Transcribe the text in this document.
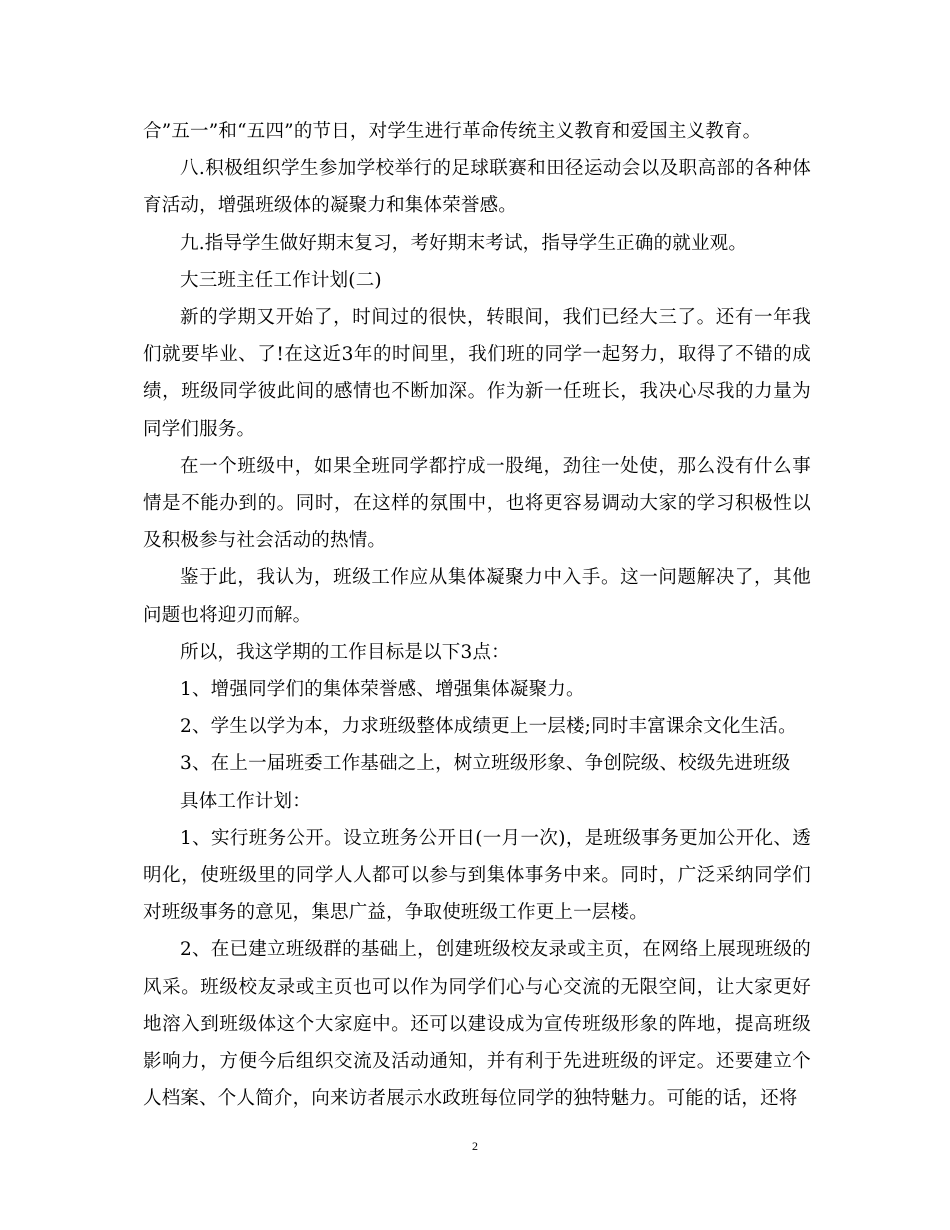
合”五一”和“五四”的节日，对学生进行革命传统主义教育和爱国主义教育。

八.积极组织学生参加学校举行的足球联赛和田径运动会以及职高部的各种体育活动，增强班级体的凝聚力和集体荣誉感。

九.指导学生做好期末复习，考好期末考试，指导学生正确的就业观。

大三班主任工作计划(二)

新的学期又开始了，时间过的很快，转眼间，我们已经大三了。还有一年我们就要毕业、了!在这近3年的时间里，我们班的同学一起努力，取得了不错的成绩，班级同学彼此间的感情也不断加深。作为新一任班长，我决心尽我的力量为同学们服务。

在一个班级中，如果全班同学都拧成一股绳，劲往一处使，那么没有什么事情是不能办到的。同时，在这样的氛围中，也将更容易调动大家的学习积极性以及积极参与社会活动的热情。

鉴于此，我认为，班级工作应从集体凝聚力中入手。这一问题解决了，其他问题也将迎刃而解。

所以，我这学期的工作目标是以下3点：

1、增强同学们的集体荣誉感、增强集体凝聚力。

2、学生以学为本，力求班级整体成绩更上一层楼;同时丰富课余文化生活。

3、在上一届班委工作基础之上，树立班级形象、争创院级、校级先进班级

具体工作计划：

1、实行班务公开。设立班务公开日(一月一次)，是班级事务更加公开化、透明化，使班级里的同学人人都可以参与到集体事务中来。同时，广泛采纳同学们对班级事务的意见，集思广益，争取使班级工作更上一层楼。

2、在已建立班级群的基础上，创建班级校友录或主页，在网络上展现班级的风采。班级校友录或主页也可以作为同学们心与心交流的无限空间，让大家更好地溶入到班级体这个大家庭中。还可以建设成为宣传班级形象的阵地，提高班级影响力，方便今后组织交流及活动通知，并有利于先进班级的评定。还要建立个人档案、个人简介，向来访者展示水政班每位同学的独特魅力。可能的话，还将

2
